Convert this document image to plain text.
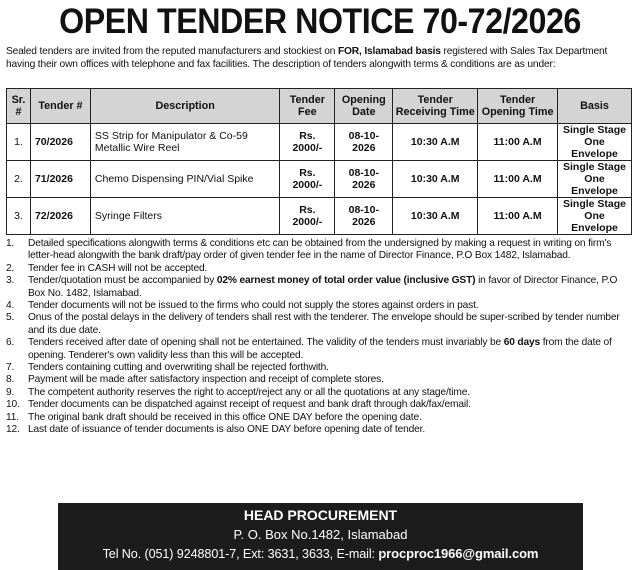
OPEN TENDER NOTICE 70-72/2026

Sealed tenders are invited from the reputed manufacturers and stockiest on FOR, Islamabad basis registered with Sales Tax Department having their own offices with telephone and fax facilities. The description of tenders alongwith terms & conditions are as under:

Sr. #	Tender #	Description	Tender Fee	Opening Date	Tender Receiving Time	Tender Opening Time	Basis
1.	70/2026	SS Strip for Manipulator & Co-59 Metallic Wire Reel	Rs. 2000/-	08-10-2026	10:30 A.M	11:00 A.M	Single Stage One Envelope
2.	71/2026	Chemo Dispensing PIN/Vial Spike	Rs. 2000/-	08-10-2026	10:30 A.M	11:00 A.M	Single Stage One Envelope
3.	72/2026	Syringe Filters	Rs. 2000/-	08-10-2026	10:30 A.M	11:00 A.M	Single Stage One Envelope
1. Detailed specifications alongwith terms & conditions etc can be obtained from the undersigned by making a request in writing on firm's letter-head alongwith the bank draft/pay order of given tender fee in the name of Director Finance, P.O Box 1482, Islamabad.
2. Tender fee in CASH will not be accepted.
3. Tender/quotation must be accompanied by 02% earnest money of total order value (inclusive GST) in favor of Director Finance, P.O Box No. 1482, Islamabad.
4. Tender documents will not be issued to the firms who could not supply the stores against orders in past.
5. Onus of the postal delays in the delivery of tenders shall rest with the tenderer. The envelope should be super-scribed by tender number and its due date.
6. Tenders received after date of opening shall not be entertained. The validity of the tenders must invariably be 60 days from the date of opening. Tenderer's own validity less than this will be accepted.
7. Tenders containing cutting and overwriting shall be rejected forthwith.
8. Payment will be made after satisfactory inspection and receipt of complete stores.
9. The competent authority reserves the right to accept/reject any or all the quotations at any stage/time.
10. Tender documents can be dispatched against receipt of request and bank draft through dak/fax/email.
11. The original bank draft should be received in this office ONE DAY before the opening date.
12. Last date of issuance of tender documents is also ONE DAY before opening date of tender.
HEAD PROCUREMENT
P. O. Box No.1482, Islamabad
Tel No. (051) 9248801-7, Ext: 3631, 3633, E-mail: procproc1966@gmail.com
